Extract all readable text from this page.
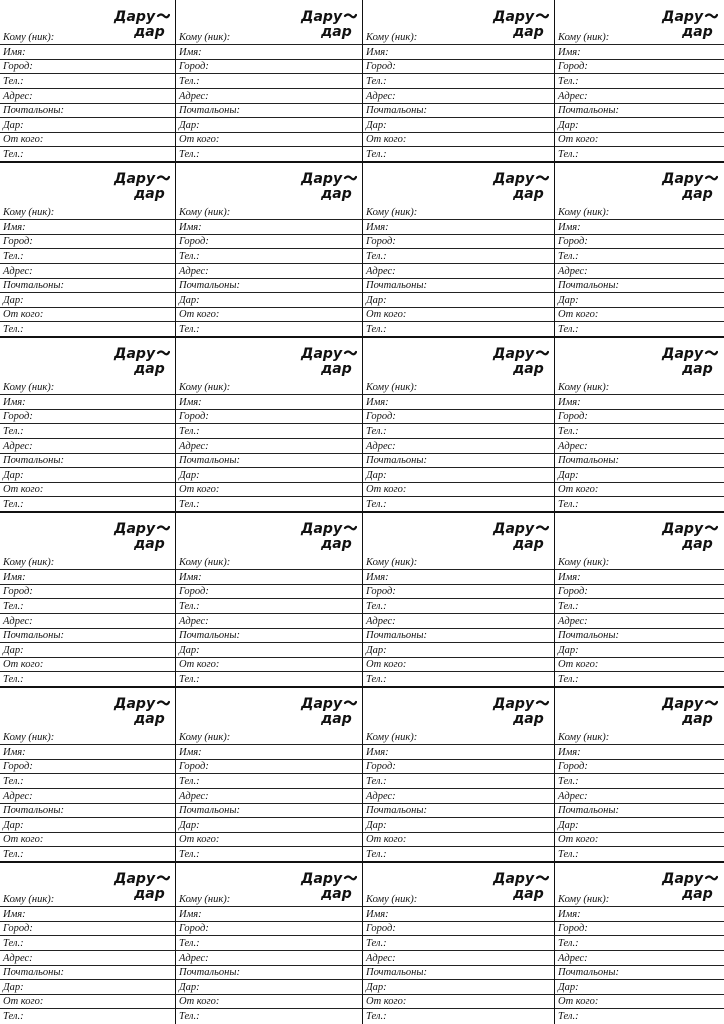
Дару
дар
Кому (ник):
Имя:
Город:
Тел.:
Адрес:
Почтальоны:
Дар:
От кого:
Тел.:
Дару
дар
Кому (ник):
Имя:
Город:
Тел.:
Адрес:
Почтальоны:
Дар:
От кого:
Тел.:
Дару
дар
Кому (ник):
Имя:
Город:
Тел.:
Адрес:
Почтальоны:
Дар:
От кого:
Тел.:
Дару
дар
Кому (ник):
Имя:
Город:
Тел.:
Адрес:
Почтальоны:
Дар:
От кого:
Тел.:
Дару
дар
Кому (ник):
Имя:
Город:
Тел.:
Адрес:
Почтальоны:
Дар:
От кого:
Тел.:
Дару
дар
Кому (ник):
Имя:
Город:
Тел.:
Адрес:
Почтальоны:
Дар:
От кого:
Тел.:
Дару
дар
Кому (ник):
Имя:
Город:
Тел.:
Адрес:
Почтальоны:
Дар:
От кого:
Тел.:
Дару
дар
Кому (ник):
Имя:
Город:
Тел.:
Адрес:
Почтальоны:
Дар:
От кого:
Тел.:
Дару
дар
Кому (ник):
Имя:
Город:
Тел.:
Адрес:
Почтальоны:
Дар:
От кого:
Тел.:
Дару
дар
Кому (ник):
Имя:
Город:
Тел.:
Адрес:
Почтальоны:
Дар:
От кого:
Тел.:
Дару
дар
Кому (ник):
Имя:
Город:
Тел.:
Адрес:
Почтальоны:
Дар:
От кого:
Тел.:
Дару
дар
Кому (ник):
Имя:
Город:
Тел.:
Адрес:
Почтальоны:
Дар:
От кого:
Тел.:
Дару
дар
Кому (ник):
Имя:
Город:
Тел.:
Адрес:
Почтальоны:
Дар:
От кого:
Тел.:
Дару
дар
Кому (ник):
Имя:
Город:
Тел.:
Адрес:
Почтальоны:
Дар:
От кого:
Тел.:
Дару
дар
Кому (ник):
Имя:
Город:
Тел.:
Адрес:
Почтальоны:
Дар:
От кого:
Тел.:
Дару
дар
Кому (ник):
Имя:
Город:
Тел.:
Адрес:
Почтальоны:
Дар:
От кого:
Тел.:
Дару
дар
Кому (ник):
Имя:
Город:
Тел.:
Адрес:
Почтальоны:
Дар:
От кого:
Тел.:
Дару
дар
Кому (ник):
Имя:
Город:
Тел.:
Адрес:
Почтальоны:
Дар:
От кого:
Тел.:
Дару
дар
Кому (ник):
Имя:
Город:
Тел.:
Адрес:
Почтальоны:
Дар:
От кого:
Тел.:
Дару
дар
Кому (ник):
Имя:
Город:
Тел.:
Адрес:
Почтальоны:
Дар:
От кого:
Тел.:
Дару
дар
Кому (ник):
Имя:
Город:
Тел.:
Адрес:
Почтальоны:
Дар:
От кого:
Тел.:
Дару
дар
Кому (ник):
Имя:
Город:
Тел.:
Адрес:
Почтальоны:
Дар:
От кого:
Тел.:
Дару
дар
Кому (ник):
Имя:
Город:
Тел.:
Адрес:
Почтальоны:
Дар:
От кого:
Тел.:
Дару
дар
Кому (ник):
Имя:
Город:
Тел.:
Адрес:
Почтальоны:
Дар:
От кого:
Тел.:
